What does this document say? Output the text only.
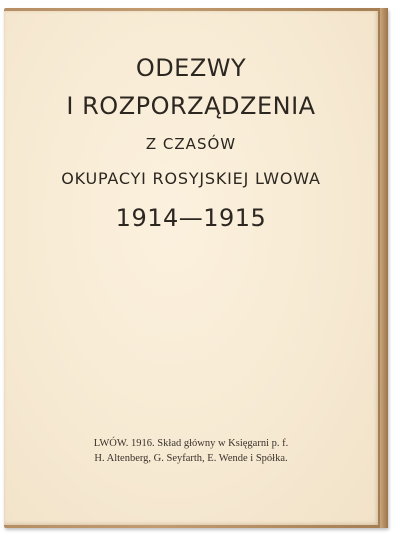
ODEZWY
I ROZPORZĄDZENIA
Z CZASÓW
OKUPACYI ROSYJSKIEJ LWOWA
1914—1915
LWÓW. 1916. Skład główny w Księgarni p. f.
H. Altenberg, G. Seyfarth, E. Wende i Spółka.
